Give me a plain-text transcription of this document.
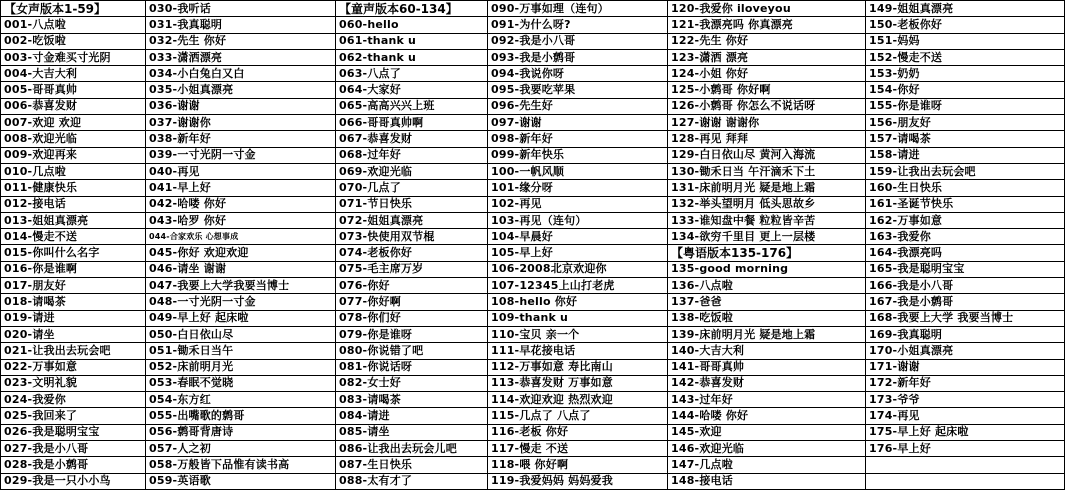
【女声版本1-59】	030-我听话	【童声版本60-134】	090-万事如理（连句）	120-我爱你 iloveyou	149-姐姐真漂亮
001-八点啦	031-我真聪明	060-hello	091-为什么呀?	121-我漂亮吗 你真漂亮	150-老板你好
002-吃饭啦	032-先生 你好	061-thank u	092-我是小八哥	122-先生 你好	151-妈妈
003-寸金难买寸光阴	033-潇洒漂亮	062-thank u	093-我是小鹩哥	123-潇洒 漂亮	152-慢走不送
004-大吉大利	034-小白兔白又白	063-八点了	094-我说你呀	124-小姐 你好	153-奶奶
005-哥哥真帅	035-小姐真漂亮	064-大家好	095-我要吃苹果	125-小鹩哥 你好啊	154-你好
006-恭喜发财	036-谢谢	065-高高兴兴上班	096-先生好	126-小鹩哥 你怎么不说话呀	155-你是谁呀
007-欢迎 欢迎	037-谢谢你	066-哥哥真帅啊	097-谢谢	127-谢谢 谢谢你	156-朋友好
008-欢迎光临	038-新年好	067-恭喜发财	098-新年好	128-再见 拜拜	157-请喝茶
009-欢迎再来	039-一寸光阴一寸金	068-过年好	099-新年快乐	129-白日依山尽 黄河入海流	158-请进
010-几点啦	040-再见	069-欢迎光临	100-一帆风顺	130-锄禾日当 午汗滴禾下土	159-让我出去玩会吧
011-健康快乐	041-早上好	070-几点了	101-缘分呀	131-床前明月光 疑是地上霜	160-生日快乐
012-接电话	042-哈喽 你好	071-节日快乐	102-再见	132-举头望明月 低头思故乡	161-圣诞节快乐
013-姐姐真漂亮	043-哈罗 你好	072-姐姐真漂亮	103-再见（连句）	133-谁知盘中餐 粒粒皆辛苦	162-万事如意
014-慢走不送	044-合家欢乐 心想事成	073-快使用双节棍	104-早晨好	134-欲穷千里目 更上一层楼	163-我爱你
015-你叫什么名字	045-你好 欢迎欢迎	074-老板你好	105-早上好	【粤语版本135-176】	164-我漂亮吗
016-你是谁啊	046-请坐 谢谢	075-毛主席万岁	106-2008北京欢迎你	135-good morning	165-我是聪明宝宝
017-朋友好	047-我要上大学我要当博士	076-你好	107-12345上山打老虎	136-八点啦	166-我是小八哥
018-请喝茶	048-一寸光阴一寸金	077-你好啊	108-hello 你好	137-爸爸	167-我是小鹩哥
019-请进	049-早上好 起床啦	078-你们好	109-thank u	138-吃饭啦	168-我要上大学 我要当博士
020-请坐	050-白日依山尽	079-你是谁呀	110-宝贝 亲一个	139-床前明月光 疑是地上霜	169-我真聪明
021-让我出去玩会吧	051-锄禾日当午	080-你说错了吧	111-早花接电话	140-大吉大利	170-小姐真漂亮
022-万事如意	052-床前明月光	081-你说话呀	112-万事如意 寿比南山	141-哥哥真帅	171-谢谢
023-文明礼貌	053-春眠不觉晓	082-女士好	113-恭喜发财 万事如意	142-恭喜发财	172-新年好
024-我爱你	054-东方红	083-请喝茶	114-欢迎欢迎 热烈欢迎	143-过年好	173-爷爷
025-我回来了	055-出嘴歌的鹩哥	084-请进	115-几点了 八点了	144-哈喽 你好	174-再见
026-我是聪明宝宝	056-鹩哥背唐诗	085-请坐	116-老板 你好	145-欢迎	175-早上好 起床啦
027-我是小八哥	057-人之初	086-让我出去玩会儿吧	117-慢走 不送	146-欢迎光临	176-早上好
028-我是小鹩哥	058-万般皆下品惟有读书高	087-生日快乐	118-喂 你好啊	147-几点啦	
029-我是一只小小鸟	059-英语歌	088-太有才了	119-我爱妈妈 妈妈爱我	148-接电话	
